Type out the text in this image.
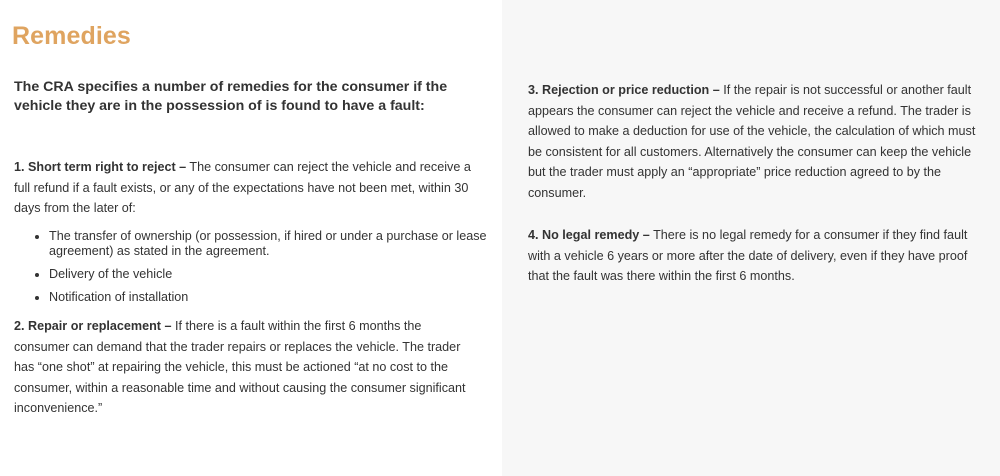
Remedies

The CRA specifies a number of remedies for the consumer if the vehicle they are in the possession of is found to have a fault:

1. Short term right to reject – The consumer can reject the vehicle and receive a full refund if a fault exists, or any of the expectations have not been met, within 30 days from the later of:

• The transfer of ownership (or possession, if hired or under a purchase or lease agreement) as stated in the agreement.
• Delivery of the vehicle
• Notification of installation

2. Repair or replacement – If there is a fault within the first 6 months the consumer can demand that the trader repairs or replaces the vehicle. The trader has “one shot” at repairing the vehicle, this must be actioned “at no cost to the consumer, within a reasonable time and without causing the consumer significant inconvenience.”

3. Rejection or price reduction – If the repair is not successful or another fault appears the consumer can reject the vehicle and receive a refund. The trader is allowed to make a deduction for use of the vehicle, the calculation of which must be consistent for all customers. Alternatively the consumer can keep the vehicle but the trader must apply an “appropriate” price reduction agreed to by the consumer.

4. No legal remedy – There is no legal remedy for a consumer if they find fault with a vehicle 6 years or more after the date of delivery, even if they have proof that the fault was there within the first 6 months.
